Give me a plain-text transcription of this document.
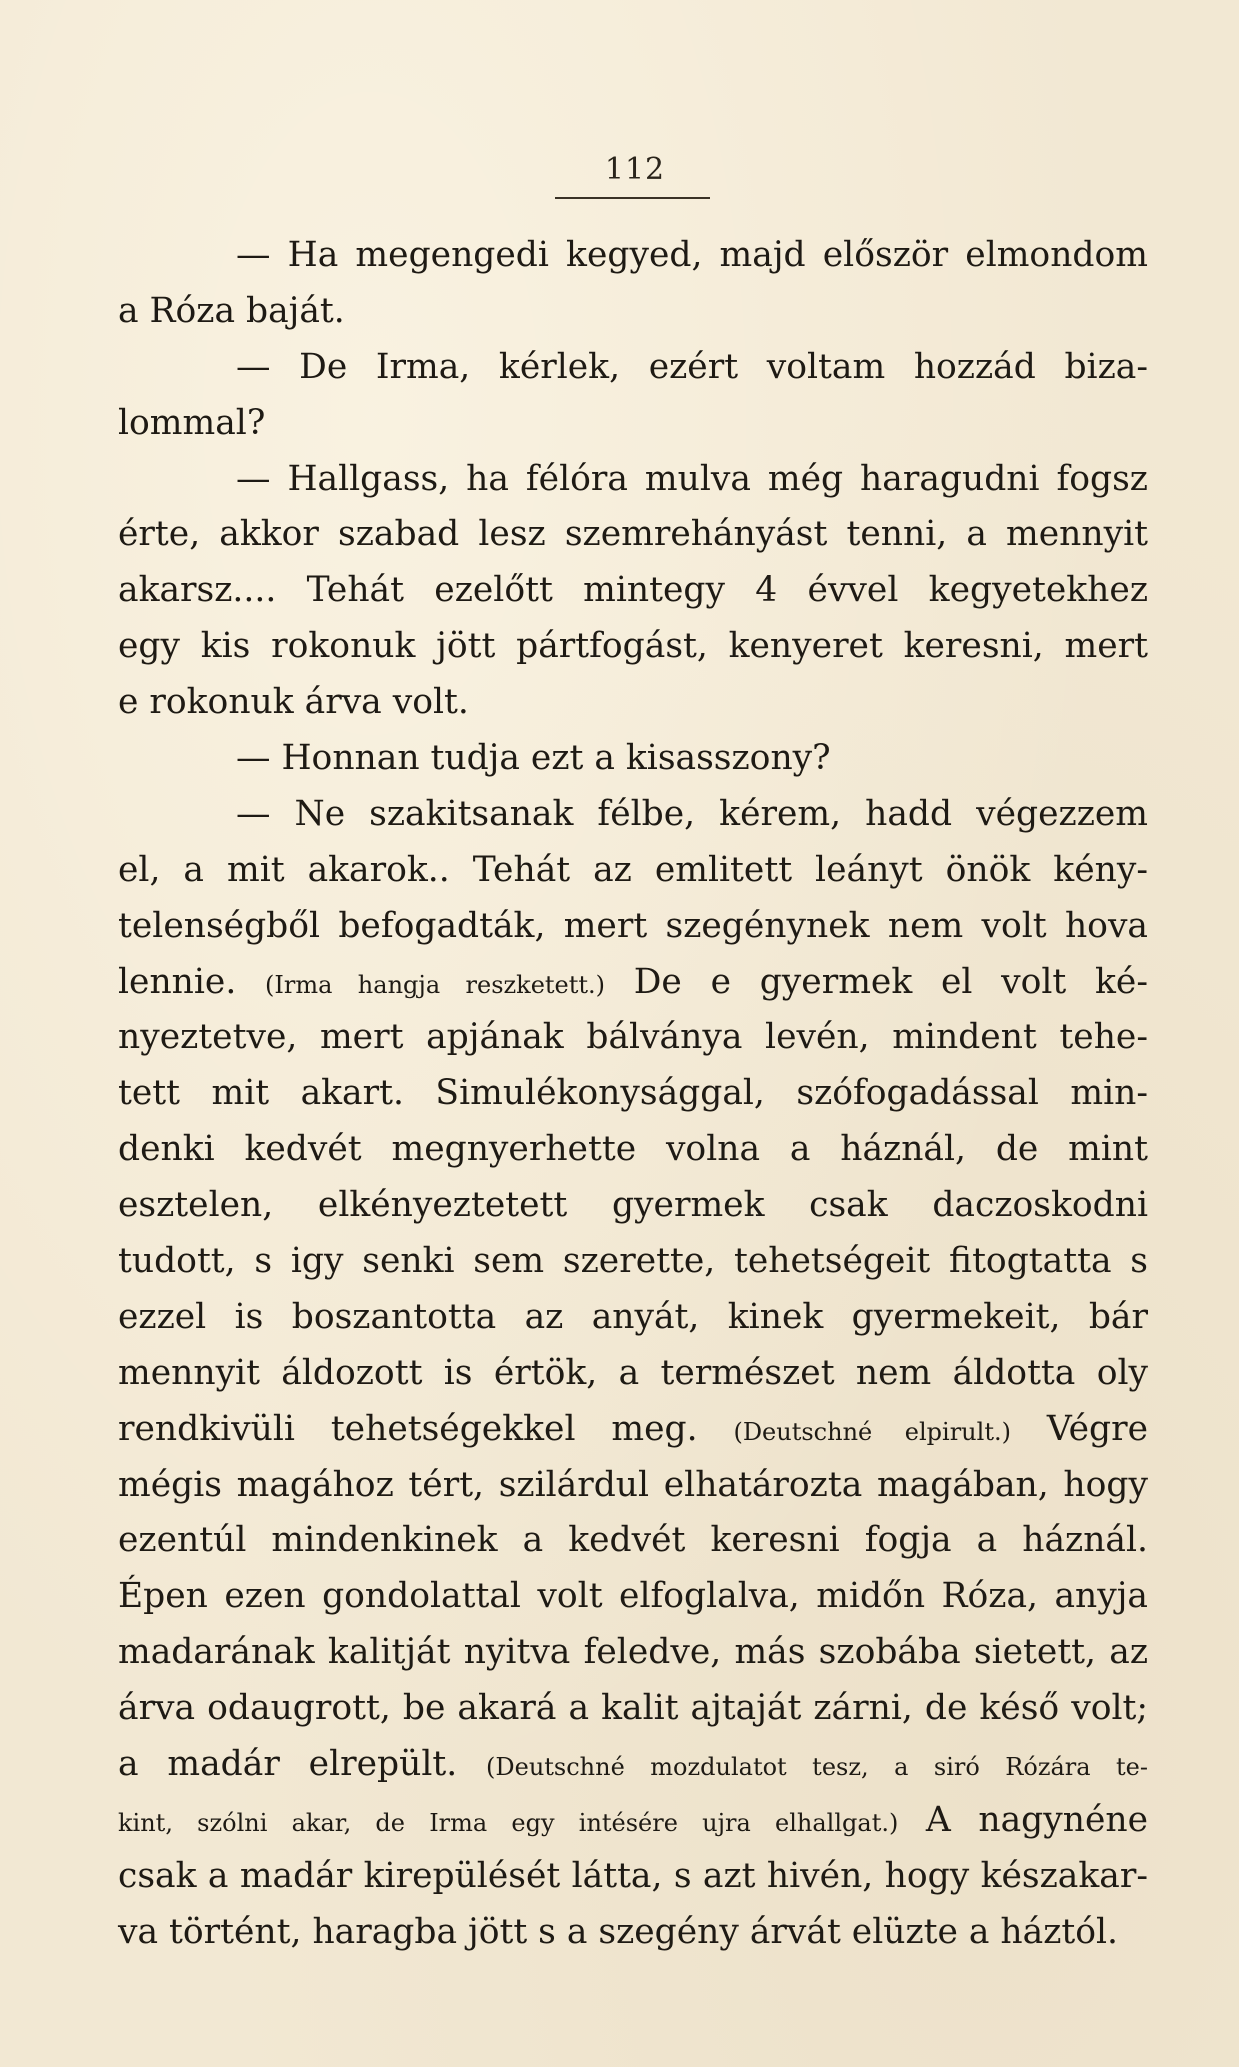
112
— Ha megengedi kegyed, majd először elmondom
a Róza baját.
— De Irma, kérlek, ezért voltam hozzád biza-
lommal?
— Hallgass, ha félóra mulva még haragudni fogsz
érte, akkor szabad lesz szemrehányást tenni, a mennyit
akarsz.... Tehát ezelőtt mintegy 4 évvel kegyetekhez
egy kis rokonuk jött pártfogást, kenyeret keresni, mert
e rokonuk árva volt.
— Honnan tudja ezt a kisasszony?
— Ne szakitsanak félbe, kérem, hadd végezzem
el, a mit akarok.. Tehát az emlitett leányt önök kény-
telenségből befogadták, mert szegénynek nem volt hova
lennie. (Irma hangja reszketett.) De e gyermek el volt ké-
nyeztetve, mert apjának bálványa levén, mindent tehe-
tett mit akart. Simulékonysággal, szófogadással min-
denki kedvét megnyerhette volna a háznál, de mint
esztelen, elkényeztetett gyermek csak daczoskodni
tudott, s igy senki sem szerette, tehetségeit fitogtatta s
ezzel is boszantotta az anyát, kinek gyermekeit, bár
mennyit áldozott is értök, a természet nem áldotta oly
rendkivüli tehetségekkel meg. (Deutschné elpirult.) Végre
mégis magához tért, szilárdul elhatározta magában, hogy
ezentúl mindenkinek a kedvét keresni fogja a háznál.
Épen ezen gondolattal volt elfoglalva, midőn Róza, anyja
madarának kalitját nyitva feledve, más szobába sietett, az
árva odaugrott, be akará a kalit ajtaját zárni, de késő volt;
a madár elrepült. (Deutschné mozdulatot tesz, a siró Rózára te-
kint, szólni akar, de Irma egy intésére ujra elhallgat.) A nagynéne
csak a madár kirepülését látta, s azt hivén, hogy készakar-
va történt, haragba jött s a szegény árvát elüzte a háztól.
